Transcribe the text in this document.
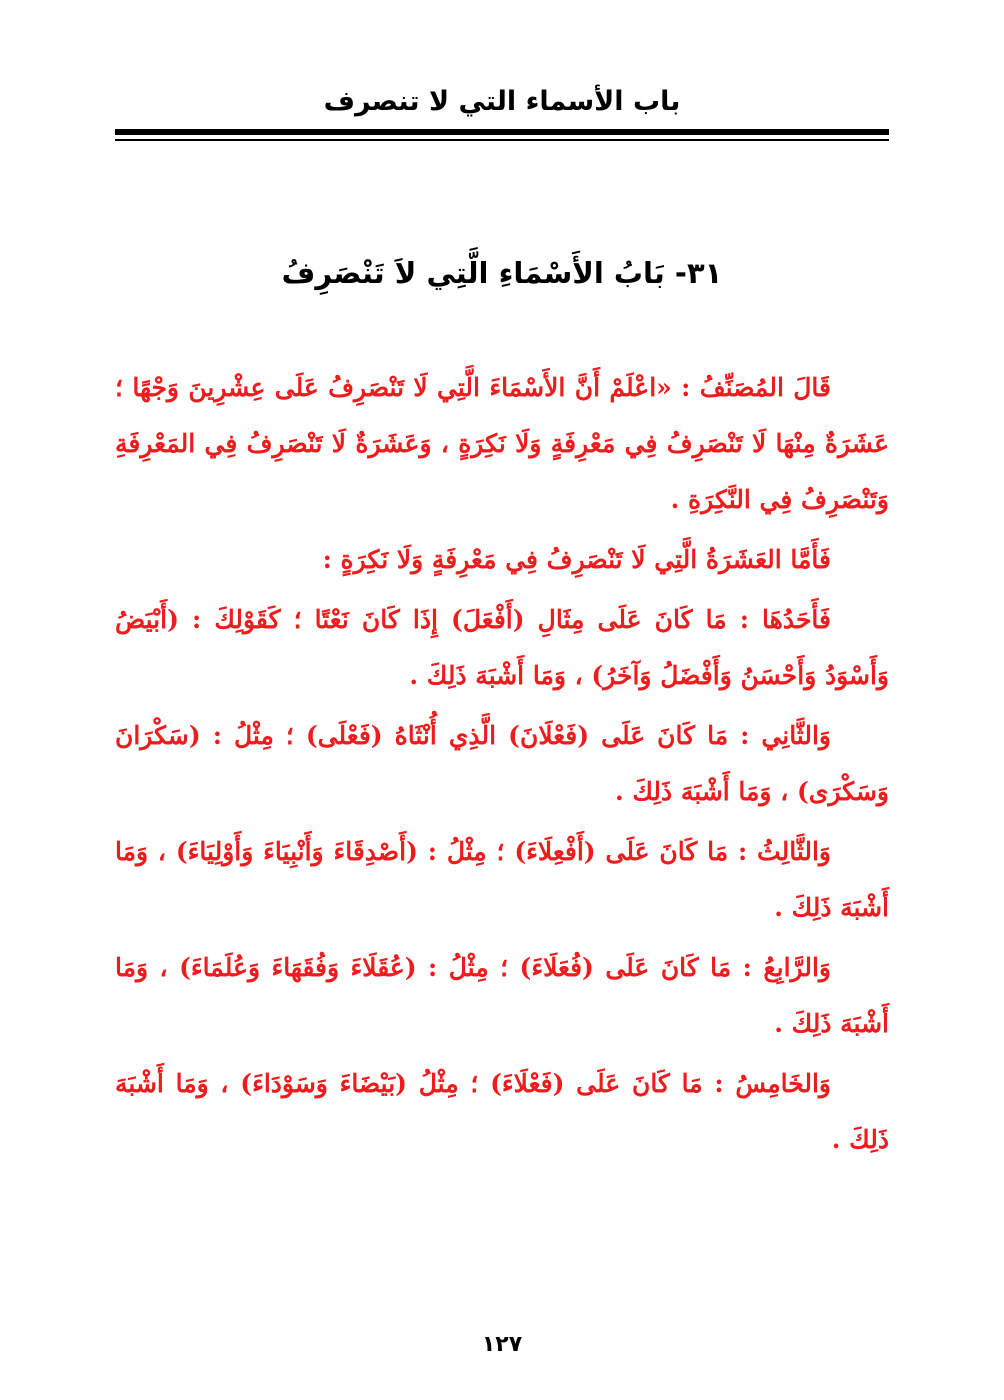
باب الأسماء التي لا تنصرف
٣١- بَابُ الأَسْمَاءِ الَّتِي لاَ تَنْصَرِفُ

قَالَ المُصَنِّفُ : «اعْلَمْ أَنَّ الأَسْمَاءَ الَّتِي لَا تَنْصَرِفُ عَلَى عِشْرِينَ وَجْهًا ؛ عَشَرَةٌ مِنْهَا لَا تَنْصَرِفُ فِي مَعْرِفَةٍ وَلَا نَكِرَةٍ ، وَعَشَرَةٌ لَا تَنْصَرِفُ فِي المَعْرِفَةِ وَتَنْصَرِفُ فِي النَّكِرَةِ .

فَأَمَّا العَشَرَةُ الَّتِي لَا تَنْصَرِفُ فِي مَعْرِفَةٍ وَلَا نَكِرَةٍ :

فَأَحَدُهَا : مَا كَانَ عَلَى مِثَالِ (أَفْعَلَ) إِذَا كَانَ نَعْتًا ؛ كَقَوْلِكَ : (أَبْيَضُ وَأَسْوَدُ وَأَحْسَنُ وَأَفْضَلُ وَآخَرُ) ، وَمَا أَشْبَهَ ذَلِكَ .

وَالثَّانِي : مَا كَانَ عَلَى (فَعْلَانَ) الَّذِي أُنْثَاهُ (فَعْلَى) ؛ مِثْلُ : (سَكْرَانَ وَسَكْرَى) ، وَمَا أَشْبَهَ ذَلِكَ .

وَالثَّالِثُ : مَا كَانَ عَلَى (أَفْعِلَاءَ) ؛ مِثْلُ : (أَصْدِقَاءَ وَأَنْبِيَاءَ وَأَوْلِيَاءَ) ، وَمَا أَشْبَهَ ذَلِكَ .

وَالرَّابِعُ : مَا كَانَ عَلَى (فُعَلَاءَ) ؛ مِثْلُ : (عُقَلَاءَ وَفُقَهَاءَ وَعُلَمَاءَ) ، وَمَا أَشْبَهَ ذَلِكَ .

وَالخَامِسُ : مَا كَانَ عَلَى (فَعْلَاءَ) ؛ مِثْلُ (بَيْضَاءَ وَسَوْدَاءَ) ، وَمَا أَشْبَهَ ذَلِكَ .

١٢٧
